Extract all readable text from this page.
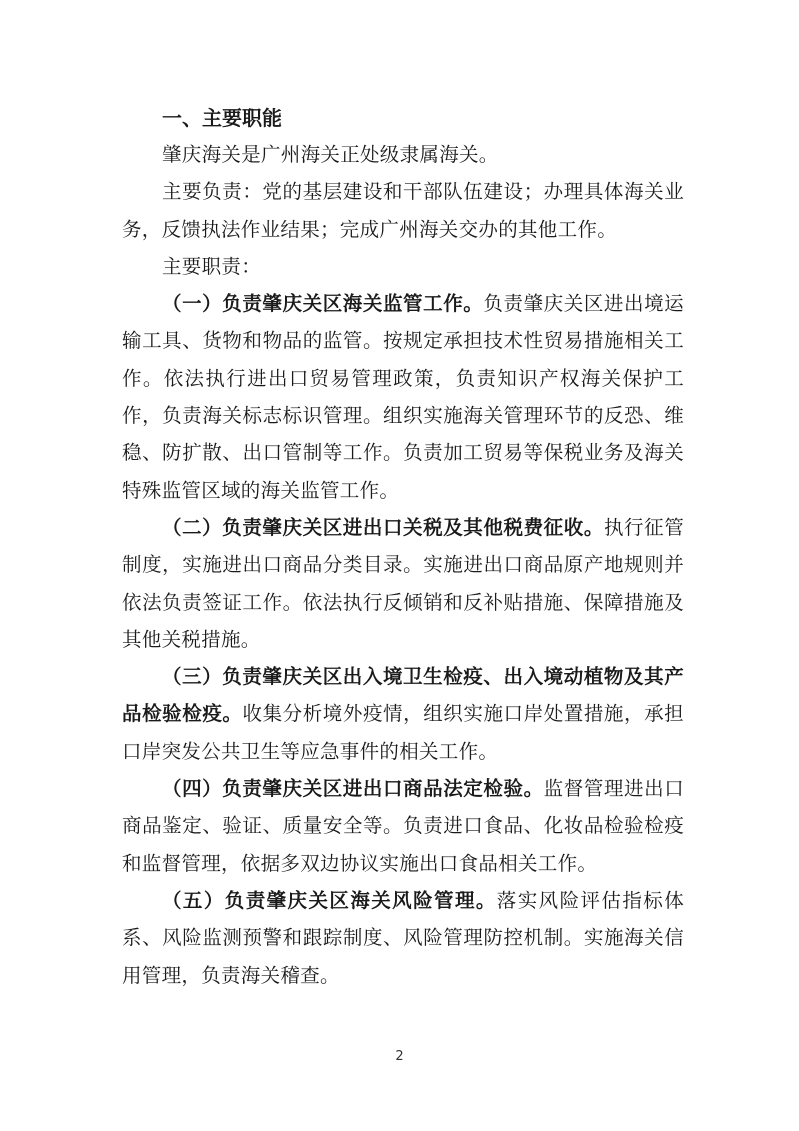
一、主要职能

肇庆海关是广州海关正处级隶属海关。

主要负责：党的基层建设和干部队伍建设；办理具体海关业务，反馈执法作业结果；完成广州海关交办的其他工作。

主要职责：

（一）负责肇庆关区海关监管工作。负责肇庆关区进出境运输工具、货物和物品的监管。按规定承担技术性贸易措施相关工作。依法执行进出口贸易管理政策，负责知识产权海关保护工作，负责海关标志标识管理。组织实施海关管理环节的反恐、维稳、防扩散、出口管制等工作。负责加工贸易等保税业务及海关特殊监管区域的海关监管工作。

（二）负责肇庆关区进出口关税及其他税费征收。执行征管制度，实施进出口商品分类目录。实施进出口商品原产地规则并依法负责签证工作。依法执行反倾销和反补贴措施、保障措施及其他关税措施。

（三）负责肇庆关区出入境卫生检疫、出入境动植物及其产品检验检疫。收集分析境外疫情，组织实施口岸处置措施，承担口岸突发公共卫生等应急事件的相关工作。

（四）负责肇庆关区进出口商品法定检验。监督管理进出口商品鉴定、验证、质量安全等。负责进口食品、化妆品检验检疫和监督管理，依据多双边协议实施出口食品相关工作。

（五）负责肇庆关区海关风险管理。落实风险评估指标体系、风险监测预警和跟踪制度、风险管理防控机制。实施海关信用管理，负责海关稽查。

2
